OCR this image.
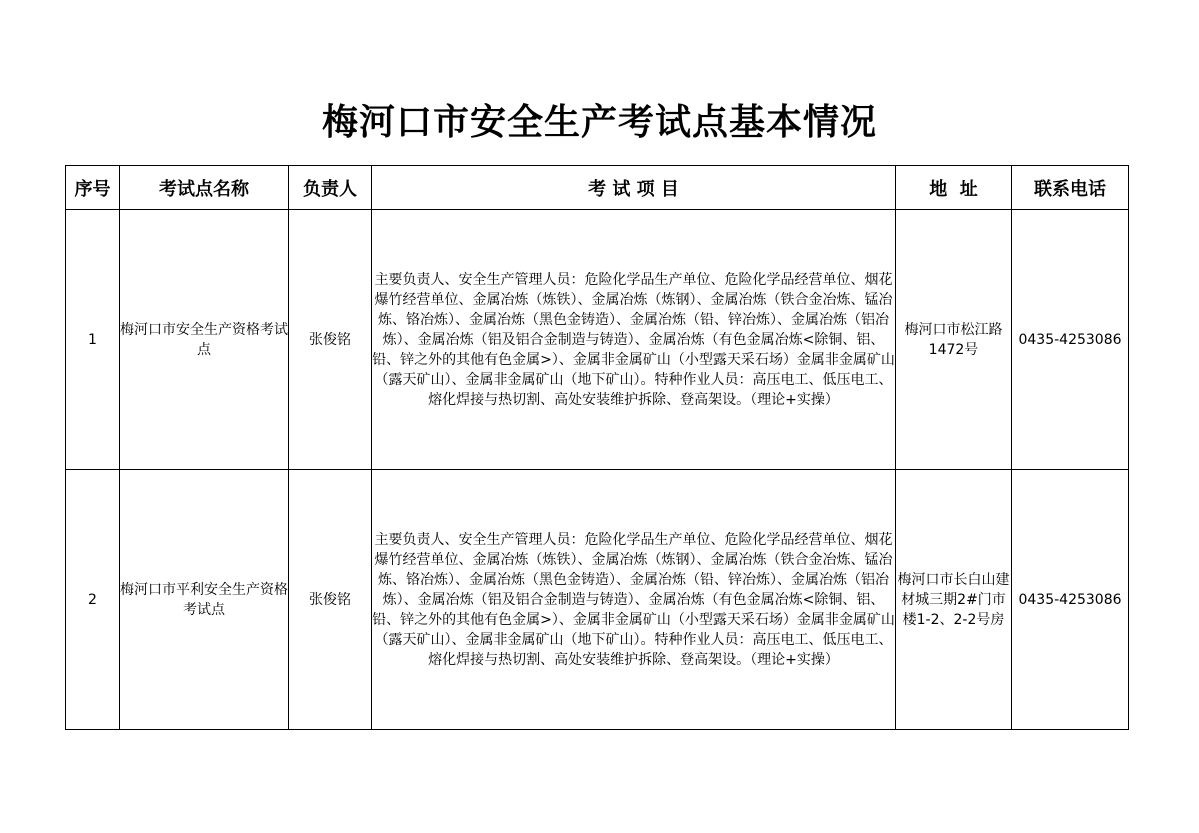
梅河口市安全生产考试点基本情况
序号	考试点名称	负责人	考 试 项 目	地  址	联系电话
1	梅河口市安全生产资格考试点	张俊铭	主要负责人、安全生产管理人员：危险化学品生产单位、危险化学品经营单位、烟花爆竹经营单位、金属冶炼（炼铁）、金属冶炼（炼钢）、金属冶炼（铁合金冶炼、锰冶炼、铬冶炼）、金属冶炼（黑色金铸造）、金属冶炼（铅、锌冶炼）、金属冶炼（铝冶炼）、金属冶炼（铝及铝合金制造与铸造）、金属冶炼（有色金属冶炼<除铜、铝、铅、锌之外的其他有色金属>）、金属非金属矿山（小型露天采石场）金属非金属矿山（露天矿山）、金属非金属矿山（地下矿山）。特种作业人员：高压电工、低压电工、熔化焊接与热切割、高处安装维护拆除、登高架设。（理论+实操）	梅河口市松江路1472号	0435-4253086
2	梅河口市平利安全生产资格考试点	张俊铭	主要负责人、安全生产管理人员：危险化学品生产单位、危险化学品经营单位、烟花爆竹经营单位、金属冶炼（炼铁）、金属冶炼（炼钢）、金属冶炼（铁合金冶炼、锰冶炼、铬冶炼）、金属冶炼（黑色金铸造）、金属冶炼（铅、锌冶炼）、金属冶炼（铝冶炼）、金属冶炼（铝及铝合金制造与铸造）、金属冶炼（有色金属冶炼<除铜、铝、铅、锌之外的其他有色金属>）、金属非金属矿山（小型露天采石场）金属非金属矿山（露天矿山）、金属非金属矿山（地下矿山）。特种作业人员：高压电工、低压电工、熔化焊接与热切割、高处安装维护拆除、登高架设。（理论+实操）	梅河口市长白山建材城三期2#门市楼1-2、2-2号房	0435-4253086
